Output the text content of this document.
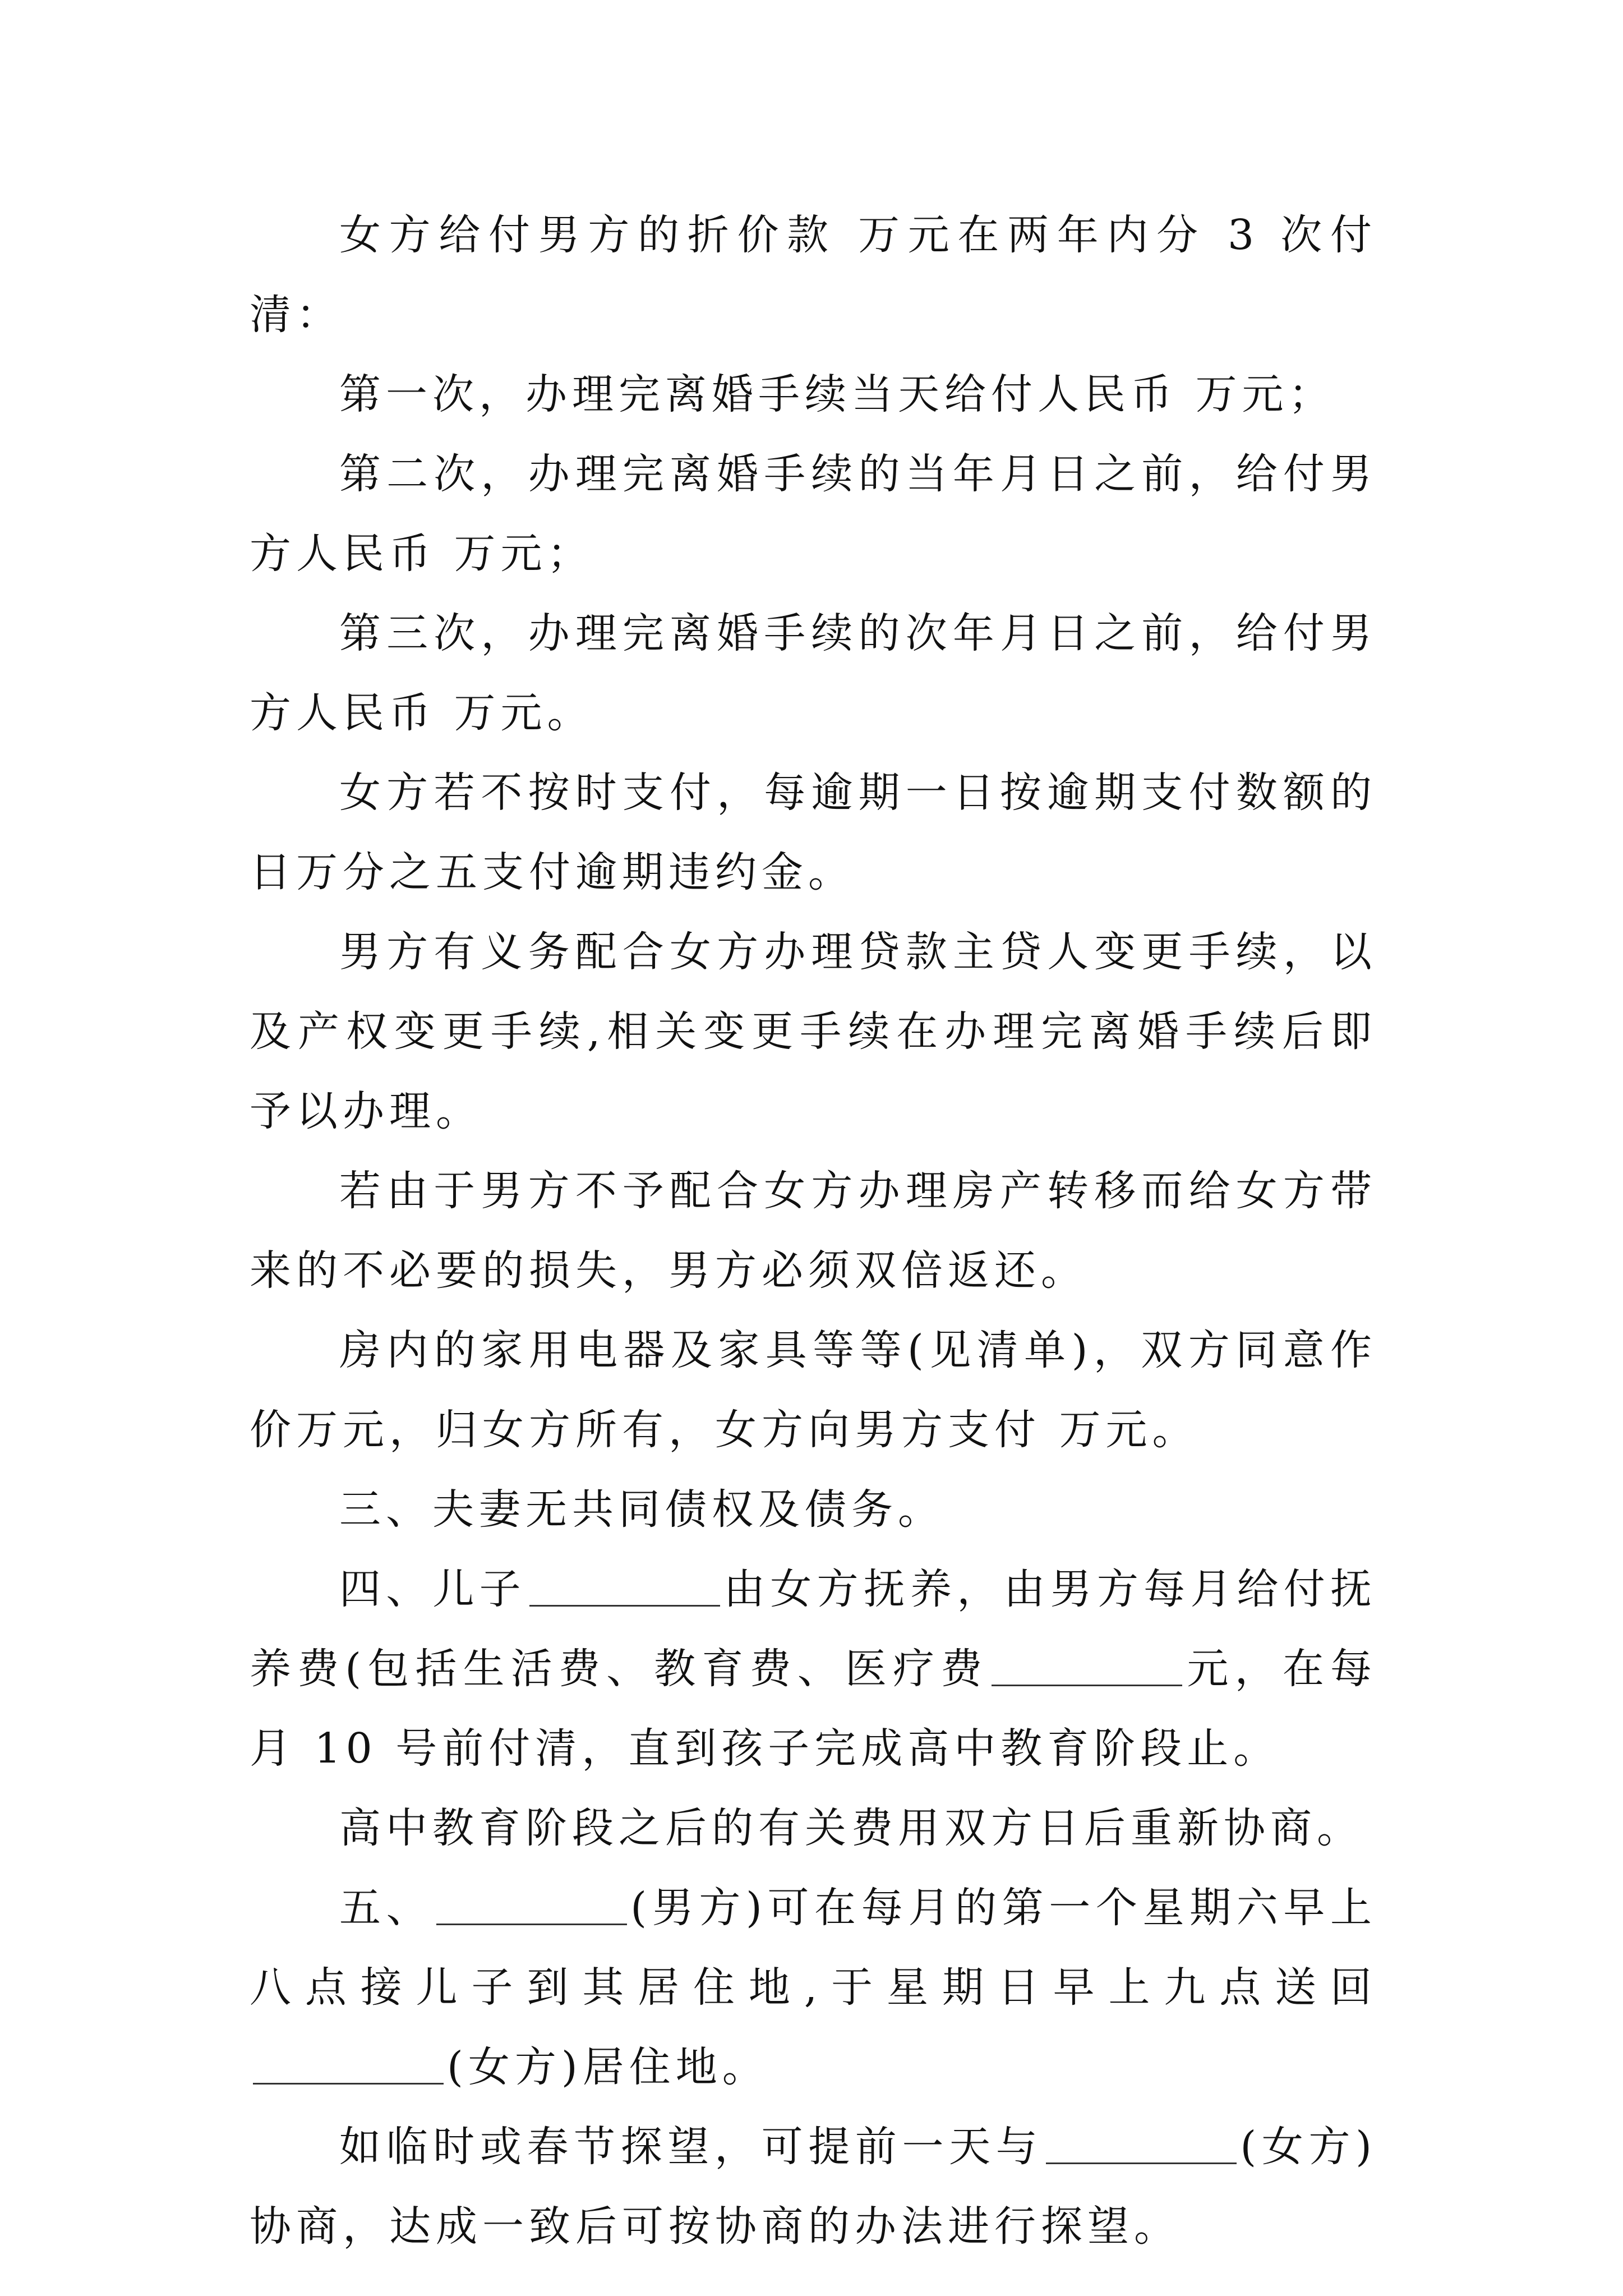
女方给付男方的折价款 万元在两年内分 3 次付清：

第一次，办理完离婚手续当天给付人民币 万元；

第二次，办理完离婚手续的当年月日之前，给付男方人民币 万元；

第三次，办理完离婚手续的次年月日之前，给付男方人民币 万元。

女方若不按时支付，每逾期一日按逾期支付数额的日万分之五支付逾期违约金。

男方有义务配合女方办理贷款主贷人变更手续，以及产权变更手续,相关变更手续在办理完离婚手续后即予以办理。

若由于男方不予配合女方办理房产转移而给女方带来的不必要的损失，男方必须双倍返还。

房内的家用电器及家具等等(见清单)，双方同意作价万元，归女方所有，女方向男方支付 万元。

三、夫妻无共同债权及债务。

四、儿子	由女方抚养，由男方每月给付抚养费(包括生活费、教育费、医疗费	元，在每月 10 号前付清，直到孩子完成高中教育阶段止。

高中教育阶段之后的有关费用双方日后重新协商。

五、	(男方)可在每月的第一个星期六早上八点接儿子到其居住地,于星期日早上九点送回(女方)居住地。

如临时或春节探望，可提前一天与	(女方)协商，达成一致后可按协商的办法进行探望。
